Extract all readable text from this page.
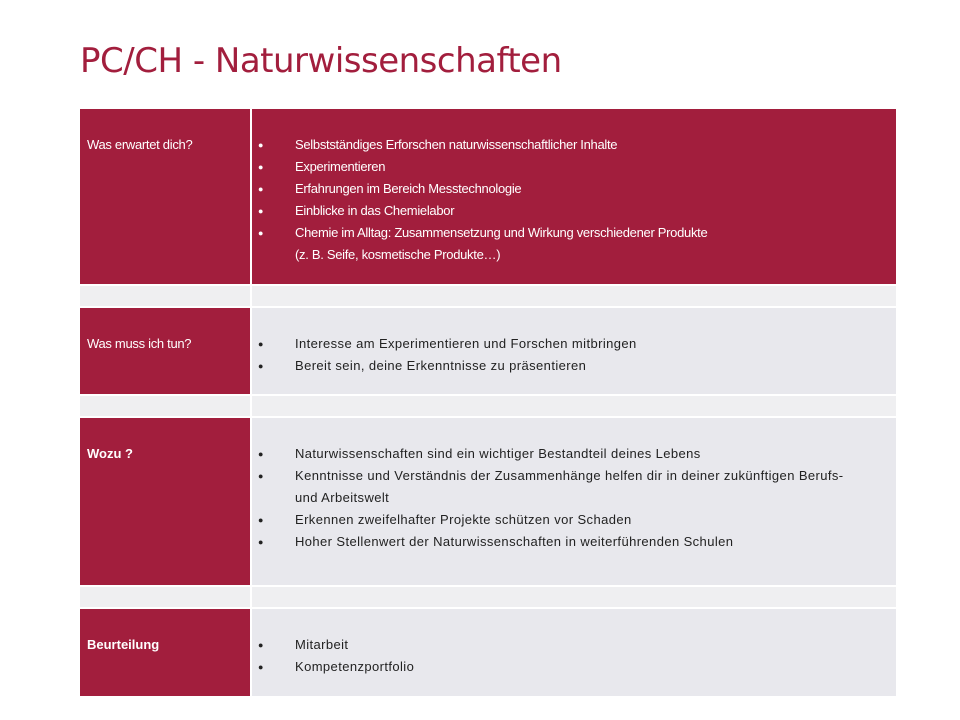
PC/CH - Naturwissenschaften
Was erwartet dich?	● Selbstständiges Erforschen naturwissenschaftlicher Inhalte
● Experimentieren
● Erfahrungen im Bereich Messtechnologie
● Einblicke in das Chemielabor
● Chemie im Alltag: Zusammensetzung und Wirkung verschiedener Produkte
(z. B. Seife, kosmetische Produkte…)
Was muss ich tun?	● Interesse am Experimentieren und Forschen mitbringen
● Bereit sein, deine Erkenntnisse zu präsentieren
Wozu ?	● Naturwissenschaften sind ein wichtiger Bestandteil deines Lebens
● Kenntnisse und Verständnis der Zusammenhänge helfen dir in deiner zukünftigen Berufs-
und Arbeitswelt
● Erkennen zweifelhafter Projekte schützen vor Schaden
● Hoher Stellenwert der Naturwissenschaften in weiterführenden Schulen
Beurteilung	● Mitarbeit
● Kompetenzportfolio
